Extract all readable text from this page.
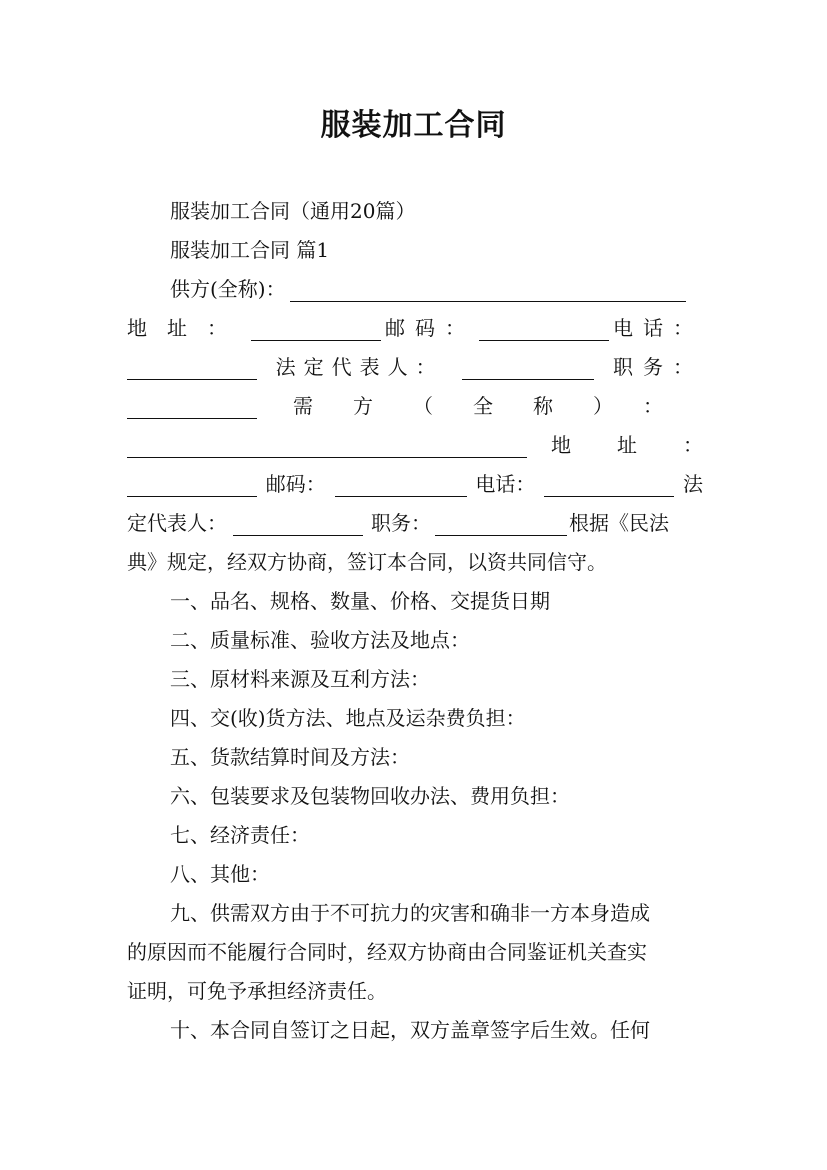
服装加工合同
服装加工合同（通用20篇）
服装加工合同 篇1
供方(全称)：
地址：	邮码：	电话：
法定代表人：	职务：
需方（全称）：
地址：
邮码：	电话：	法
定代表人：	职务：	根据《民法
典》规定，经双方协商，签订本合同，以资共同信守。
一、品名、规格、数量、价格、交提货日期
二、质量标准、验收方法及地点：
三、原材料来源及互利方法：
四、交(收)货方法、地点及运杂费负担：
五、货款结算时间及方法：
六、包装要求及包装物回收办法、费用负担：
七、经济责任：
八、其他：
九、供需双方由于不可抗力的灾害和确非一方本身造成
的原因而不能履行合同时，经双方协商由合同鉴证机关查实
证明，可免予承担经济责任。
十、本合同自签订之日起，双方盖章签字后生效。任何
